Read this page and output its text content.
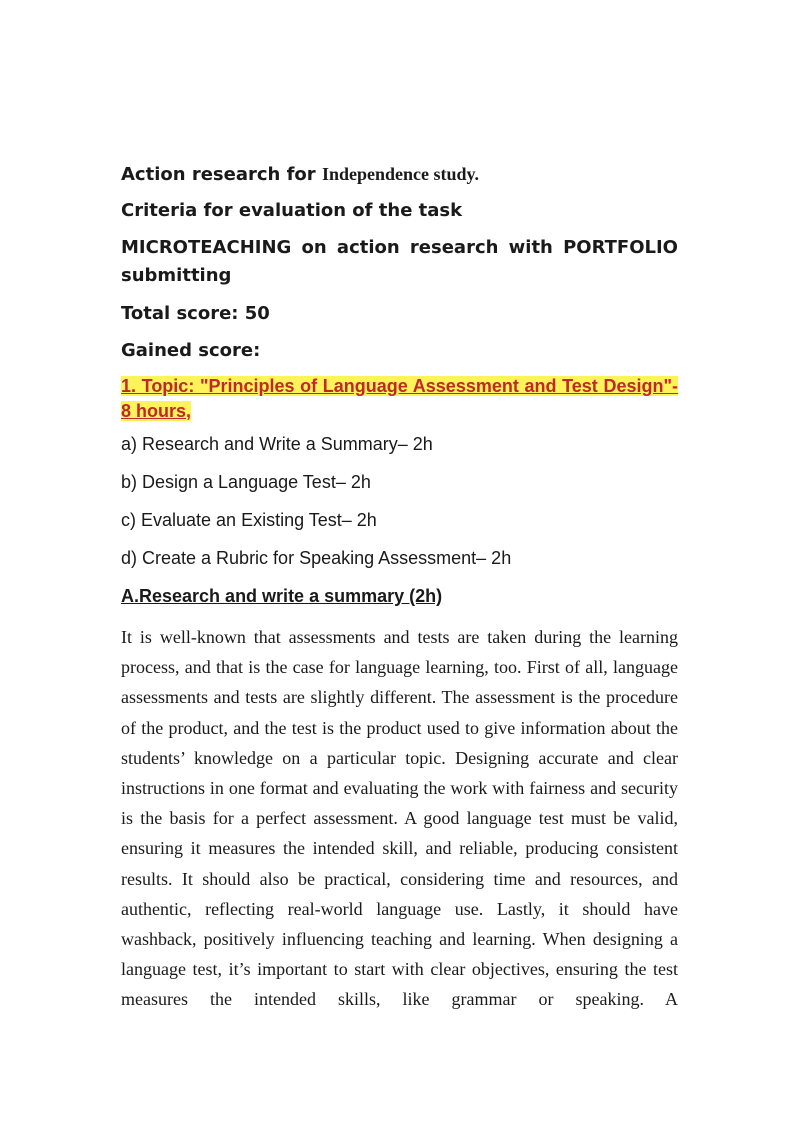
Action research for Independence study.

Criteria for evaluation of the task

MICROTEACHING on action research with PORTFOLIO submitting

Total score: 50

Gained score:

1. Topic: "Principles of Language Assessment and Test Design"- 8 hours,

a) Research and Write a Summary– 2h

b) Design a Language Test– 2h

c) Evaluate an Existing Test– 2h

d) Create a Rubric for Speaking Assessment– 2h

A.Research and write a summary (2h)

It is well-known that assessments and tests are taken during the learning process, and that is the case for language learning, too. First of all, language assessments and tests are slightly different. The assessment is the procedure of the product, and the test is the product used to give information about the students’ knowledge on a particular topic. Designing accurate and clear instructions in one format and evaluating the work with fairness and security is the basis for a perfect assessment. A good language test must be valid, ensuring it measures the intended skill, and reliable, producing consistent results. It should also be practical, considering time and resources, and authentic, reflecting real-world language use. Lastly, it should have washback, positively influencing teaching and learning. When designing a language test, it’s important to start with clear objectives, ensuring the test measures the intended skills, like grammar or speaking. A
